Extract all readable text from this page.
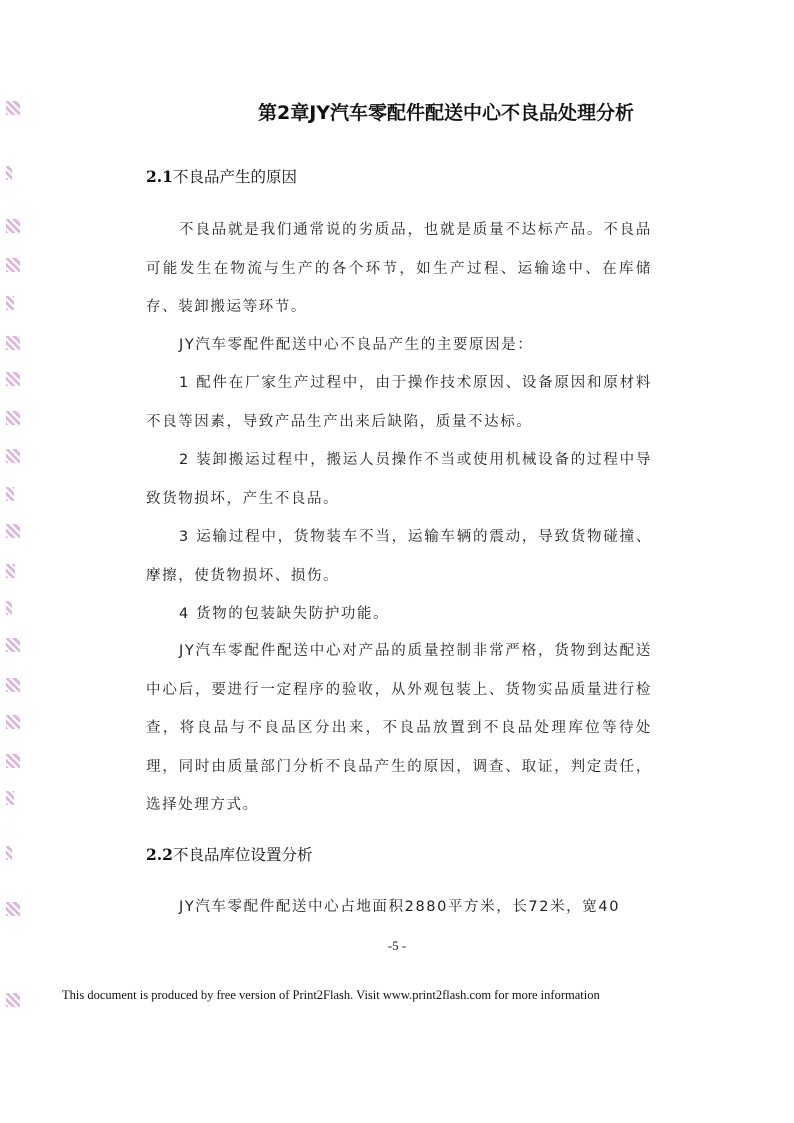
第2章JY汽车零配件配送中心不良品处理分析
2.1不良品产生的原因

不良品就是我们通常说的劣质品，也就是质量不达标产品。不良品可能发生在物流与生产的各个环节，如生产过程、运输途中、在库储存、装卸搬运等环节。

JY汽车零配件配送中心不良品产生的主要原因是：

1 配件在厂家生产过程中，由于操作技术原因、设备原因和原材料不良等因素，导致产品生产出来后缺陷，质量不达标。

2 装卸搬运过程中，搬运人员操作不当或使用机械设备的过程中导致货物损坏，产生不良品。

3 运输过程中，货物装车不当，运输车辆的震动，导致货物碰撞、摩擦，使货物损坏、损伤。

4 货物的包装缺失防护功能。

JY汽车零配件配送中心对产品的质量控制非常严格，货物到达配送中心后，要进行一定程序的验收，从外观包装上、货物实品质量进行检查，将良品与不良品区分出来，不良品放置到不良品处理库位等待处理，同时由质量部门分析不良品产生的原因，调查、取证，判定责任，选择处理方式。

2.2不良品库位设置分析

JY汽车零配件配送中心占地面积2880平方米，长72米，宽40

-5 -
This document is produced by free version of Print2Flash. Visit www.print2flash.com for more information
